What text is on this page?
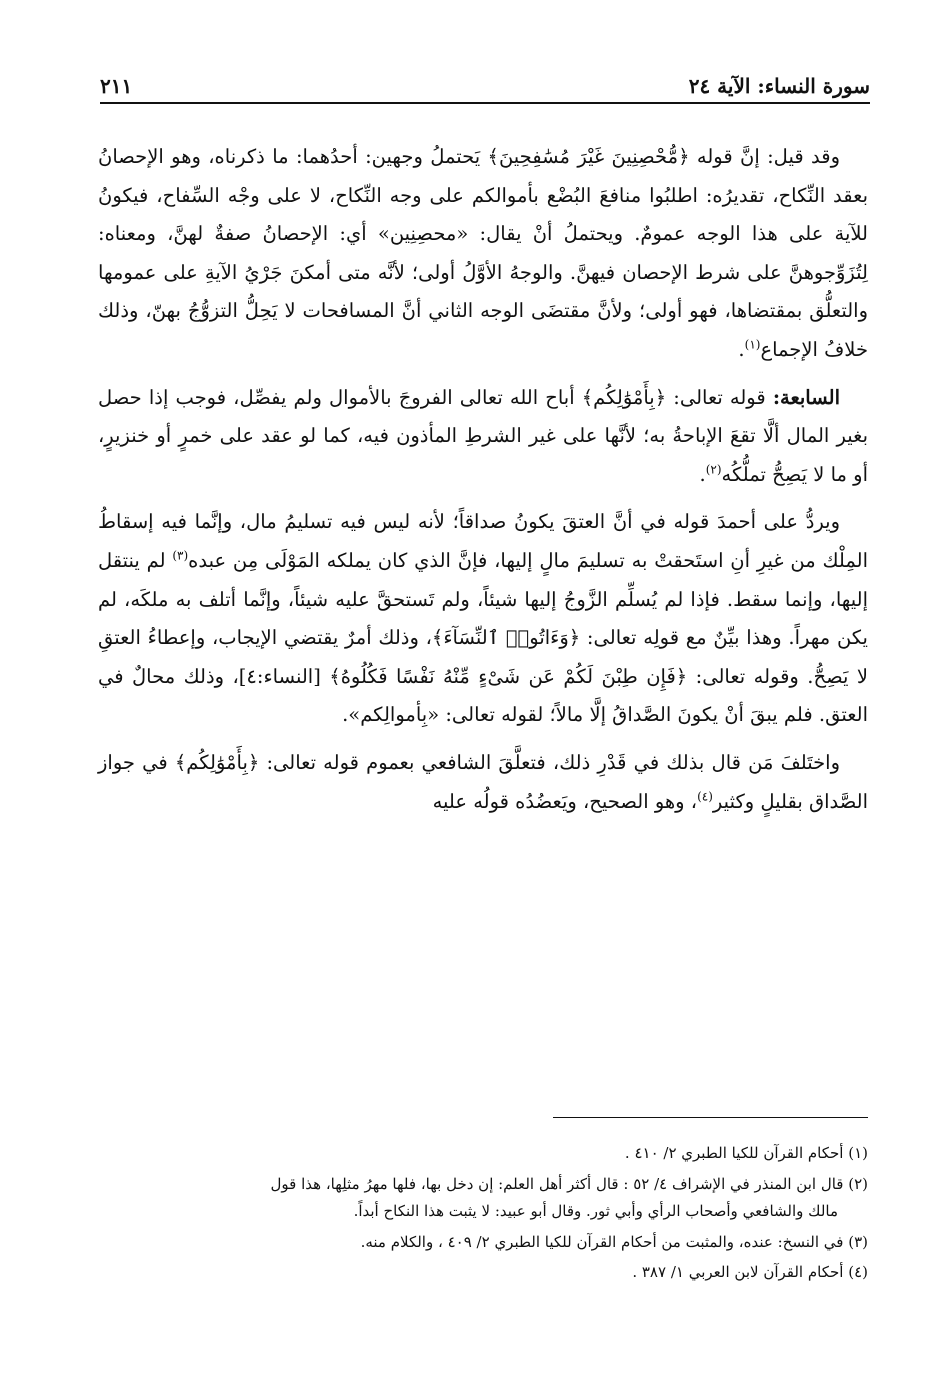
سورة النساء: الآية ٢٤
٢١١

وقد قيل: إنَّ قوله ﴿مُّحْصِنِينَ غَيْرَ مُسَٰفِحِينَ﴾ يَحتملُ وجهين: أحدُهما: ما ذكرناه، وهو الإحصانُ بعقد النِّكاح، تقديرُه: اطلبُوا منافعَ البُضْع بأموالكم على وجه النِّكاح، لا على وجْه السِّفاح، فيكونُ للآية على هذا الوجه عمومٌ. ويحتملُ أنْ يقال: «محصِنِين» أي: الإحصانُ صفةٌ لهنَّ، ومعناه: لِتُزَوِّجوهنَّ على شرط الإحصان فيهنَّ. والوجهُ الأوَّلُ أولى؛ لأنَّه متى أمكنَ جَرْيُ الآيةِ على عمومها والتعلُّق بمقتضاها، فهو أولى؛ ولأنَّ مقتضَى الوجه الثاني أنَّ المسافحات لا يَحِلُّ التزوُّجُ بهنّ، وذلك خلافُ الإجماع$^{(١)}$.

السابعة: قوله تعالى: ﴿بِأَمْوَٰلِكُم﴾ أباح الله تعالى الفروجَ بالأموال ولم يفصِّل، فوجب إذا حصل بغير المال ألَّا تقعَ الإباحةُ به؛ لأنَّها على غير الشرطِ المأذون فيه، كما لو عقد على خمرٍ أو خنزيرٍ، أو ما لا يَصِحُّ تملُّكُه$^{(٢)}$.

ويردُّ على أحمدَ قوله في أنَّ العتقَ يكونُ صداقاً؛ لأنه ليس فيه تسليمُ مال، وإنَّما فيه إسقاطُ المِلْك من غيرِ أنِ استَحقتْ به تسليمَ مالٍ إليها، فإنَّ الذي كان يملكه المَوْلَى مِن عبده$^{(٣)}$ لم ينتقل إليها، وإنما سقط. فإذا لم يُسلِّم الزَّوجُ إليها شيئاً، ولم تَستحقَّ عليه شيئاً، وإنَّما أتلف به ملكَه، لم يكن مهراً. وهذا بيِّنٌ مع قولِه تعالى: ﴿وَءَاتُوا۟ ٱلنِّسَآءَ﴾، وذلك أمرٌ يقتضي الإيجاب، وإعطاءُ العتقِ لا يَصِحُّ. وقوله تعالى: ﴿فَإِن طِبْنَ لَكُمْ عَن شَىْءٍ مِّنْهُ نَفْسًا فَكُلُوهُ﴾ [النساء:٤]، وذلك محالٌ في العتق. فلم يبقَ أنْ يكونَ الصَّداقُ إلَّا مالاً؛ لقوله تعالى: «بِأموالِكم».

واختَلفَ مَن قال بذلك في قَدْرِ ذلك، فتعلَّقَ الشافعي بعموم قوله تعالى: ﴿بِأَمْوَٰلِكُم﴾ في جواز الصَّداق بقليلٍ وكثير$^{(٤)}$، وهو الصحيح، ويَعضُدُه قولُه عليه

(١) أحكام القرآن للكيا الطبري ٢/ ٤١٠ .
(٢) قال ابن المنذر في الإشراف ٤/ ٥٢ : قال أكثر أهل العلم: إن دخل بها، فلها مهرُ مثلِها، هذا قول
مالك والشافعي وأصحاب الرأي وأبي ثور. وقال أبو عبيد: لا يثبت هذا النكاح أبداً.
(٣) في النسخ: عنده، والمثبت من أحكام القرآن للكيا الطبري ٢/ ٤٠٩ ، والكلام منه.
(٤) أحكام القرآن لابن العربي ١/ ٣٨٧ .
